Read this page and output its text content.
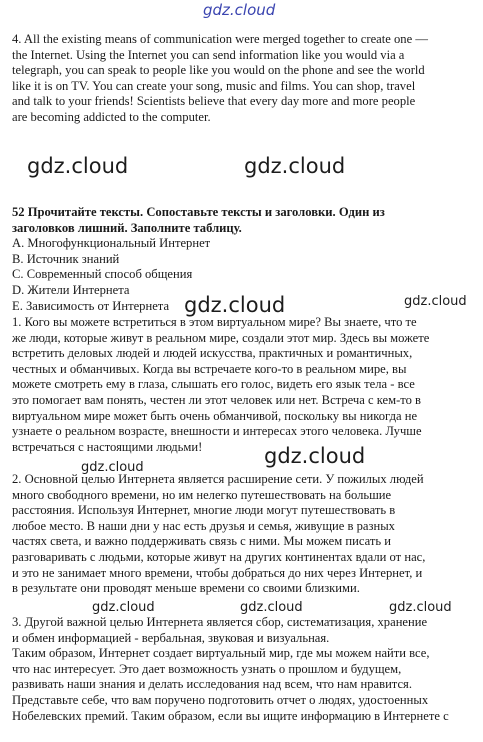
gdz.cloud
gdz.cloud	gdz.cloud
gdz.cloud	gdz.cloud
gdz.cloud
gdz.cloud
gdz.cloud	gdz.cloud	gdz.cloud
4. All the existing means of communication were merged together to create one —
the Internet. Using the Internet you can send information like you would via a
telegraph, you can speak to people like you would on the phone and see the world
like it is on TV. You can create your song, music and films. You can shop, travel
and talk to your friends! Scientists believe that every day more and more people
are becoming addicted to the computer.
52 Прочитайте тексты. Сопоставьте тексты и заголовки. Один из
заголовков лишний. Заполните таблицу.
А. Многофункциональный Интернет
В. Источник знаний
С. Современный способ общения
D. Жители Интернета
E. Зависимость от Интернета
1. Кого вы можете встретиться в этом виртуальном мире? Вы знаете, что те
же люди, которые живут в реальном мире, создали этот мир. Здесь вы можете
встретить деловых людей и людей искусства, практичных и романтичных,
честных и обманчивых. Когда вы встречаете кого-то в реальном мире, вы
можете смотреть ему в глаза, слышать его голос, видеть его язык тела - все
это помогает вам понять, честен ли этот человек или нет. Встреча с кем-то в
виртуальном мире может быть очень обманчивой, поскольку вы никогда не
узнаете о реальном возрасте, внешности и интересах этого человека. Лучше
встречаться с настоящими людьми!
2. Основной целью Интернета является расширение сети. У пожилых людей
много свободного времени, но им нелегко путешествовать на большие
расстояния. Используя Интернет, многие люди могут путешествовать в
любое место. В наши дни у нас есть друзья и семья, живущие в разных
частях света, и важно поддерживать связь с ними. Мы можем писать и
разговаривать с людьми, которые живут на других континентах вдали от нас,
и это не занимает много времени, чтобы добраться до них через Интернет, и
в результате они проводят меньше времени со своими близкими.
3. Другой важной целью Интернета является сбор, систематизация, хранение
и обмен информацией - вербальная, звуковая и визуальная.
Таким образом, Интернет создает виртуальный мир, где мы можем найти все,
что нас интересует. Это дает возможность узнать о прошлом и будущем,
развивать наши знания и делать исследования над всем, что нам нравится.
Представьте себе, что вам поручено подготовить отчет о людях, удостоенных
Нобелевских премий. Таким образом, если вы ищите информацию в Интернете с
